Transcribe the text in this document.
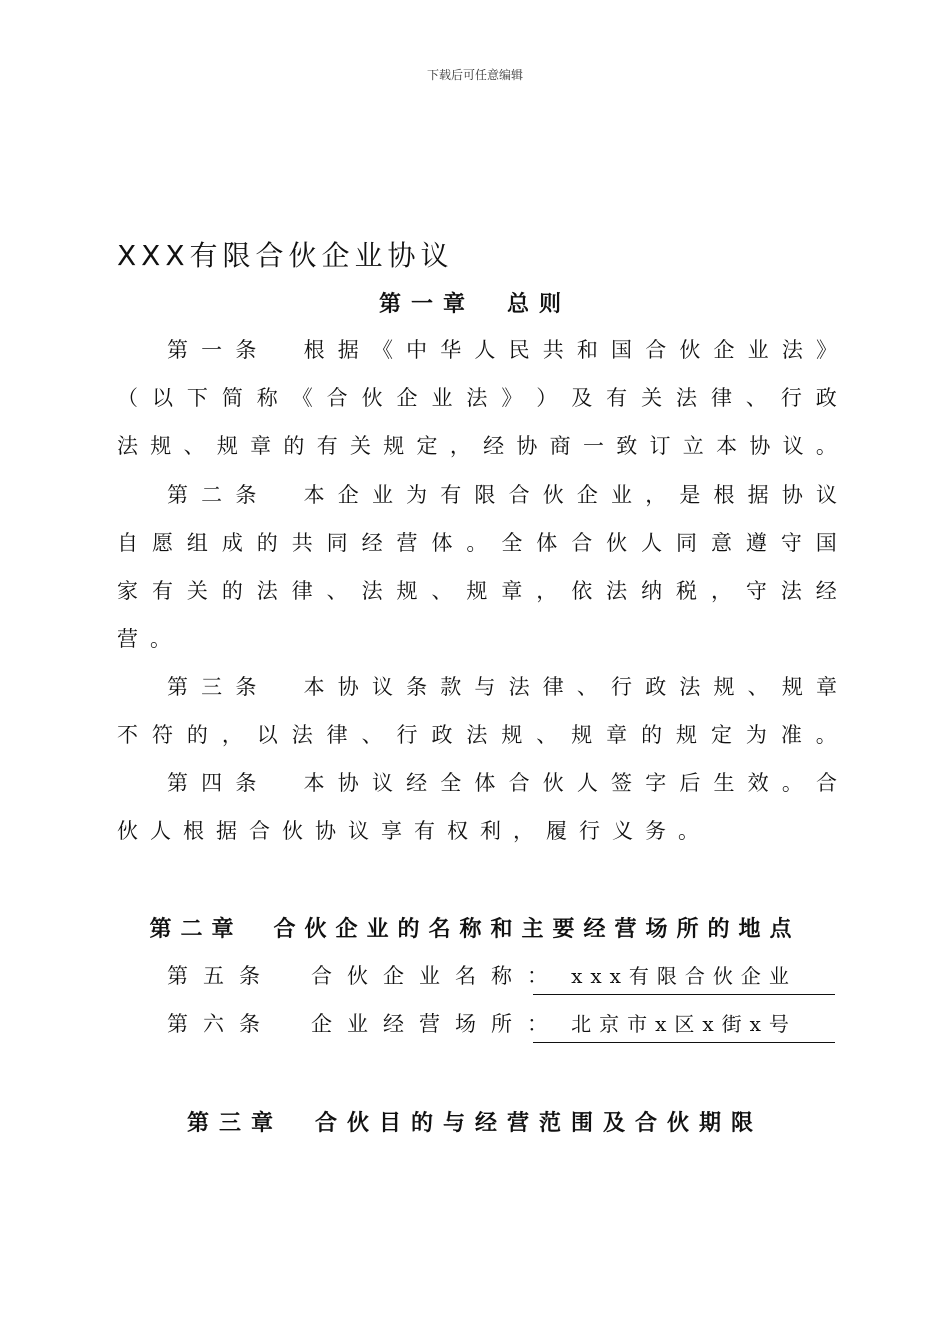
下载后可任意编辑
XXX有限合伙企业协议
第一章　总则
第 一 条
　 根 据 《 中 华 人 民 共 和 国 合 伙 企 业 法 》
（ 以 下 简 称 《 合 伙 企 业 法 》 ） 及 有 关 法 律 、 行 政
法 规 、 规 章 的 有 关 规 定 ， 经 协 商 一 致 订 立 本 协 议 。
第 二 条
　 本 企 业 为 有 限 合 伙 企 业 ， 是 根 据 协 议
自 愿 组 成 的 共 同 经 营 体 。 全 体 合 伙 人 同 意 遵 守 国
家 有 关 的 法 律 、 法 规 、 规 章 ， 依 法 纳 税 ， 守 法 经
营。
第 三 条
　 本 协 议 条 款 与 法 律 、 行 政 法 规 、 规 章
不 符 的 ， 以 法 律 、 行 政 法 规 、 规 章 的 规 定 为 准 。
第 四 条
　 本 协 议 经 全 体 合 伙 人 签 字 后 生 效 。 合
伙人根据合伙协议享有权利，履行义务。
第二章　合伙企业的名称和主要经营场所的地点
第五条　合伙企业名称： xxx有限合伙企业
第六条　企业经营场所： 北京市x区x街x号
第三章　合伙目的与经营范围及合伙期限
